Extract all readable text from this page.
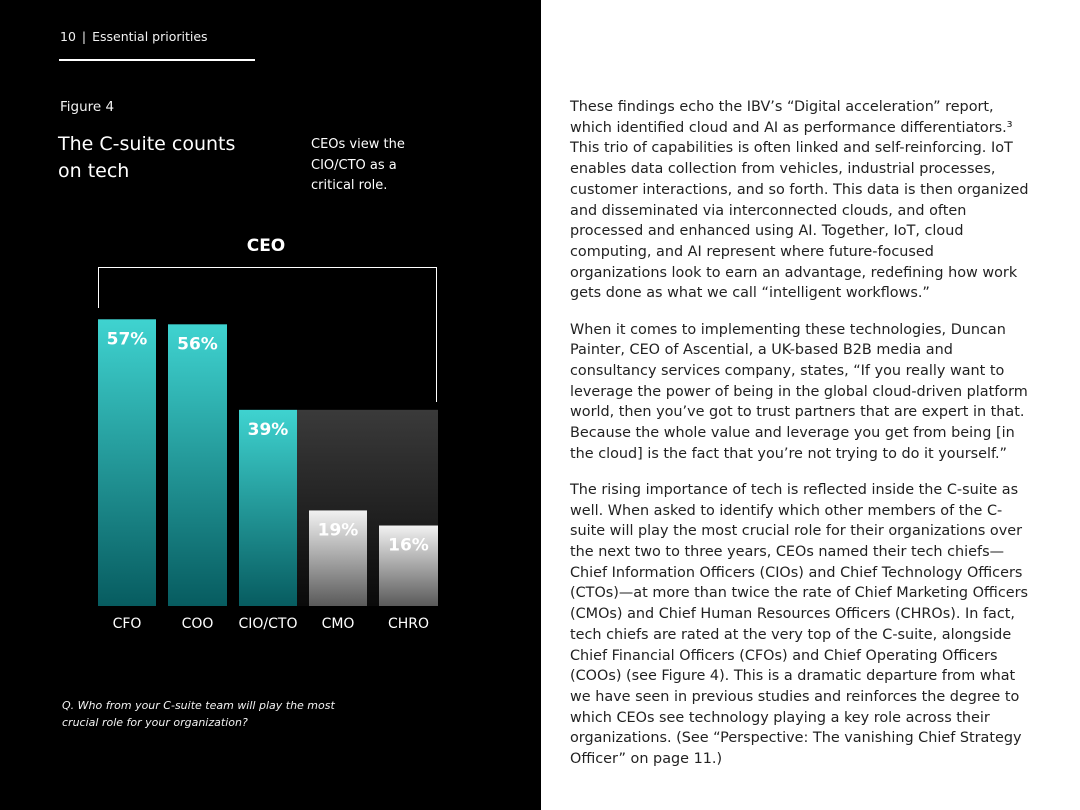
10 | Essential priorities
Figure 4
The C-suite counts on tech
CEOs view the CIO/CTO as a critical role.
CEO
57%
CFO
56%
COO
39%
CIO/CTO
19%
CMO
16%
CHRO
Q. Who from your C-suite team will play the most crucial role for your organization?

These findings echo the IBV’s “Digital acceleration” report, which identified cloud and AI as performance differentiators.³ This trio of capabilities is often linked and self-reinforcing. IoT enables data collection from vehicles, industrial processes, customer interactions, and so forth. This data is then organized and disseminated via interconnected clouds, and often processed and enhanced using AI. Together, IoT, cloud computing, and AI represent where future-focused organizations look to earn an advantage, redefining how work gets done as what we call “intelligent workflows.”

When it comes to implementing these technologies, Duncan Painter, CEO of Ascential, a UK-based B2B media and consultancy services company, states, “If you really want to leverage the power of being in the global cloud-driven platform world, then you’ve got to trust partners that are expert in that. Because the whole value and leverage you get from being [in the cloud] is the fact that you’re not trying to do it yourself.”

The rising importance of tech is reflected inside the C-suite as well. When asked to identify which other members of the C-suite will play the most crucial role for their organizations over the next two to three years, CEOs named their tech chiefs—Chief Information Officers (CIOs) and Chief Technology Officers (CTOs)—at more than twice the rate of Chief Marketing Officers (CMOs) and Chief Human Resources Officers (CHROs). In fact, tech chiefs are rated at the very top of the C-suite, alongside Chief Financial Officers (CFOs) and Chief Operating Officers (COOs) (see Figure 4). This is a dramatic departure from what we have seen in previous studies and reinforces the degree to which CEOs see technology playing a key role across their organizations. (See “Perspective: The vanishing Chief Strategy Officer” on page 11.)
